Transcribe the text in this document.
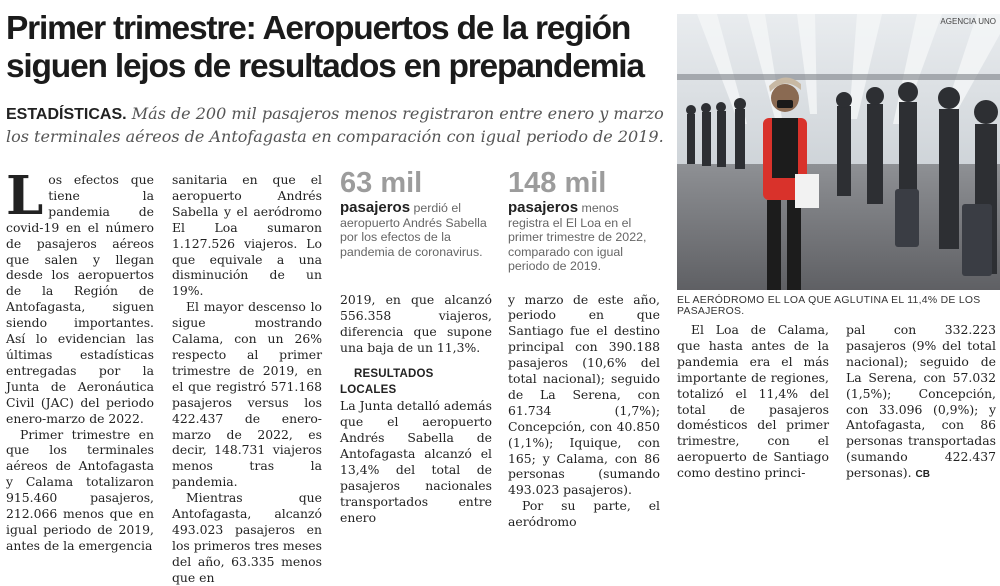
Primer trimestre: Aeropuertos de la región
siguen lejos de resultados en prepandemia

ESTADÍSTICAS. Más de 200 mil pasajeros menos registraron entre enero y marzo los terminales aéreos de Antofagasta en comparación con igual periodo de 2019.

L os efectos que tiene la pandemia de covid-19 en el número de pasajeros aéreos que salen y llegan desde los aeropuertos de la Región de Antofagasta, siguen siendo importantes. Así lo evidencian las últimas estadísticas entregadas por la Junta de Aeronáutica Civil (JAC) del periodo enero-marzo de 2022.

Primer trimestre en que los terminales aéreos de Antofagasta y Calama totalizaron 915.460 pasajeros, 212.066 menos que en igual periodo de 2019, antes de la emergencia

sanitaria en que el aeropuerto Andrés Sabella y el aeródromo El Loa sumaron 1.127.526 viajeros. Lo que equivale a una disminución de un 19%.

El mayor descenso lo sigue mostrando Calama, con un 26% respecto al primer trimestre de 2019, en el que registró 571.168 pasajeros versus los 422.437 de enero-marzo de 2022, es decir, 148.731 viajeros menos tras la pandemia.

Mientras que Antofagasta, alcanzó 493.023 pasajeros en los primeros tres meses del año, 63.335 menos que en

63 mil
pasajeros perdió el aeropuerto Andrés Sabella por los efectos de la pandemia de coronavirus.

2019, en que alcanzó 556.358 viajeros, diferencia que supone una baja de un 11,3%.

RESULTADOS LOCALES

La Junta detalló además que el aeropuerto Andrés Sabella de Antofagasta alcanzó el 13,4% del total de pasajeros nacionales transportados entre enero

148 mil
pasajeros menos registra el El Loa en el primer trimestre de 2022, comparado con igual periodo de 2019.

y marzo de este año, periodo en que Santiago fue el destino principal con 390.188 pasajeros (10,6% del total nacional); seguido de La Serena, con 61.734 (1,7%); Concepción, con 40.850 (1,1%); Iquique, con 165; y Calama, con 86 personas (sumando 493.023 pasajeros).

Por su parte, el aeródromo

AGENCIA UNO
EL AERÓDROMO EL LOA QUE AGLUTINA EL 11,4% DE LOS PASAJEROS.

El Loa de Calama, que hasta antes de la pandemia era el más importante de regiones, totalizó el 11,4% del total de pasajeros domésticos del primer trimestre, con el aeropuerto de Santiago como destino princi-

pal con 332.223 pasajeros (9% del total nacional); seguido de La Serena, con 57.032 (1,5%); Concepción, con 33.096 (0,9%); y Antofagasta, con 86 personas transportadas (sumando 422.437 personas). CB
